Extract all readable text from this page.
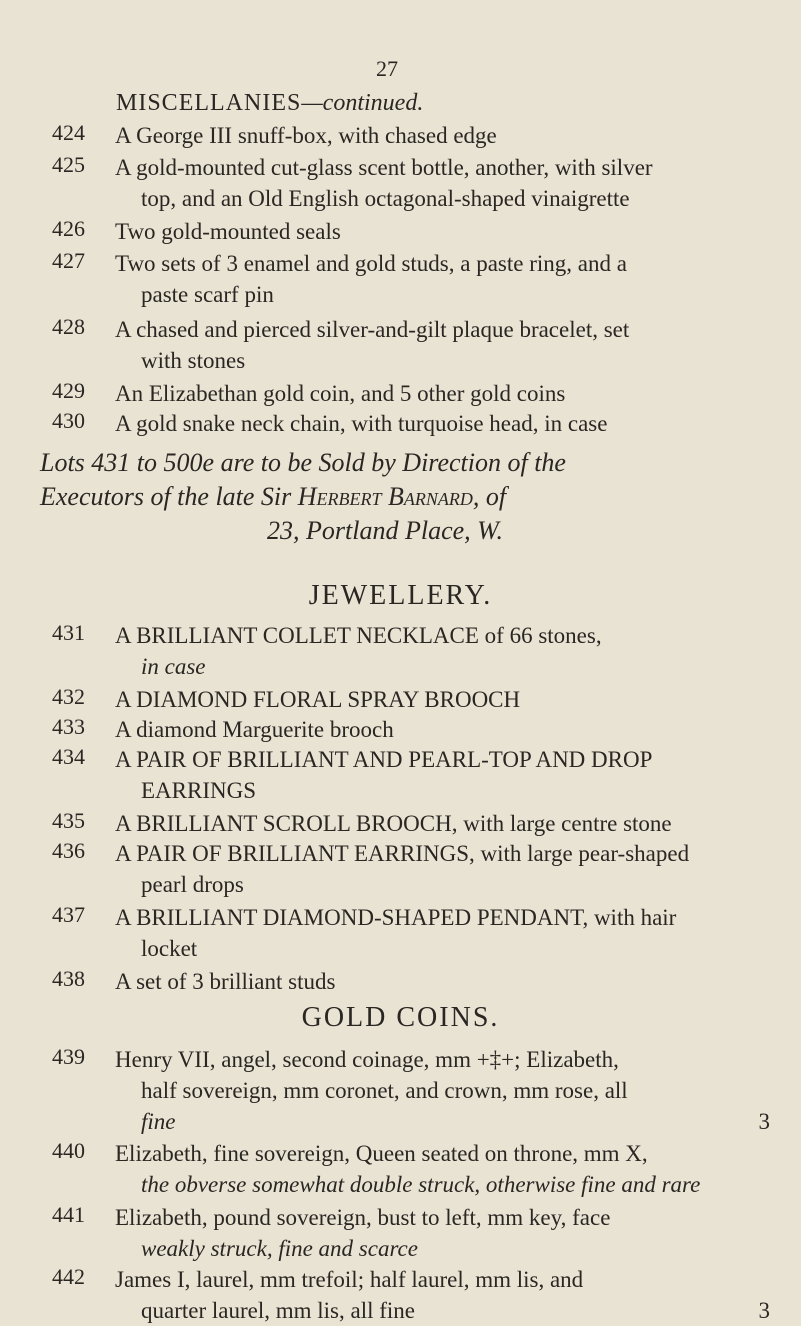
27
MISCELLANIES—continued.
424	A George III snuff-box, with chased edge
425	A gold-mounted cut-glass scent bottle, another, with silver
top, and an Old English octagonal-shaped vinaigrette
426	Two gold-mounted seals
427	Two sets of 3 enamel and gold studs, a paste ring, and a
paste scarf pin
428	A chased and pierced silver-and-gilt plaque bracelet, set
with stones
429	An Elizabethan gold coin, and 5 other gold coins
430	A gold snake neck chain, with turquoise head, in case
Lots 431 to 500e are to be Sold by Direction of the
Executors of the late Sir Herbert Barnard, of
23, Portland Place, W.
JEWELLERY.
431	A BRILLIANT COLLET NECKLACE of 66 stones,
in case
432	A DIAMOND FLORAL SPRAY BROOCH
433	A diamond Marguerite brooch
434	A PAIR OF BRILLIANT AND PEARL-TOP AND DROP
EARRINGS
435	A BRILLIANT SCROLL BROOCH, with large centre stone
436	A PAIR OF BRILLIANT EARRINGS, with large pear-shaped
pearl drops
437	A BRILLIANT DIAMOND-SHAPED PENDANT, with hair
locket
438	A set of 3 brilliant studs
GOLD COINS.
439	Henry VII, angel, second coinage, mm +‡+; Elizabeth,
half sovereign, mm coronet, and crown, mm rose, all
fine	3
440	Elizabeth, fine sovereign, Queen seated on throne, mm X,
the obverse somewhat double struck, otherwise fine and rare
441	Elizabeth, pound sovereign, bust to left, mm key, face
weakly struck, fine and scarce
442	James I, laurel, mm trefoil; half laurel, mm lis, and
quarter laurel, mm lis, all fine	3
